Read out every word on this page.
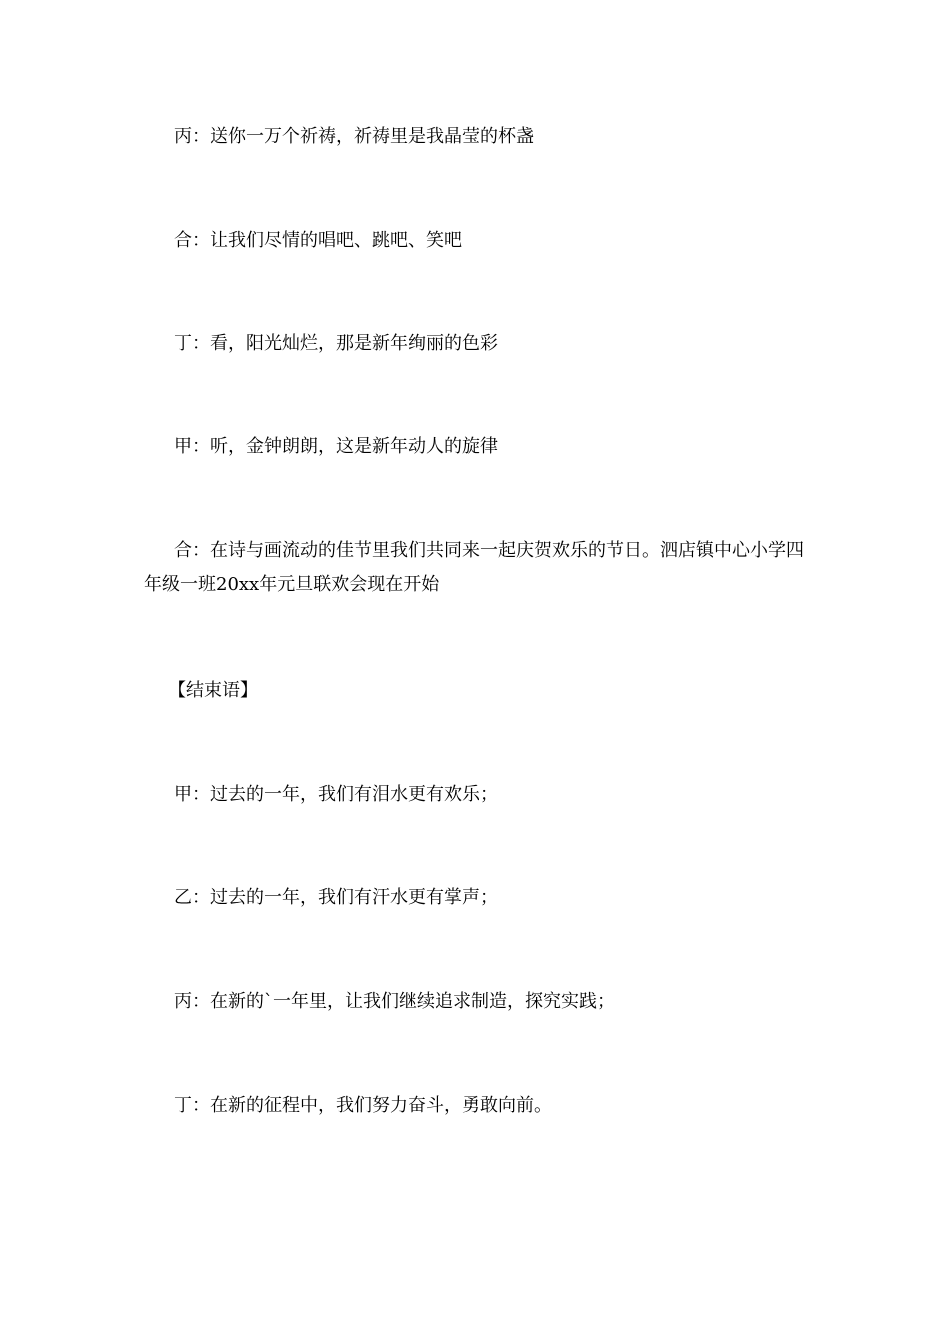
丙：送你一万个祈祷，祈祷里是我晶莹的杯盏

合：让我们尽情的唱吧、跳吧、笑吧

丁：看，阳光灿烂，那是新年绚丽的色彩

甲：听，金钟朗朗，这是新年动人的旋律

合：在诗与画流动的佳节里我们共同来一起庆贺欢乐的节日。泗店镇中心小学四年级一班20xx年元旦联欢会现在开始

【结束语】

甲：过去的一年，我们有泪水更有欢乐；

乙：过去的一年，我们有汗水更有掌声；

丙：在新的`一年里，让我们继续追求制造，探究实践；

丁：在新的征程中，我们努力奋斗，勇敢向前。
